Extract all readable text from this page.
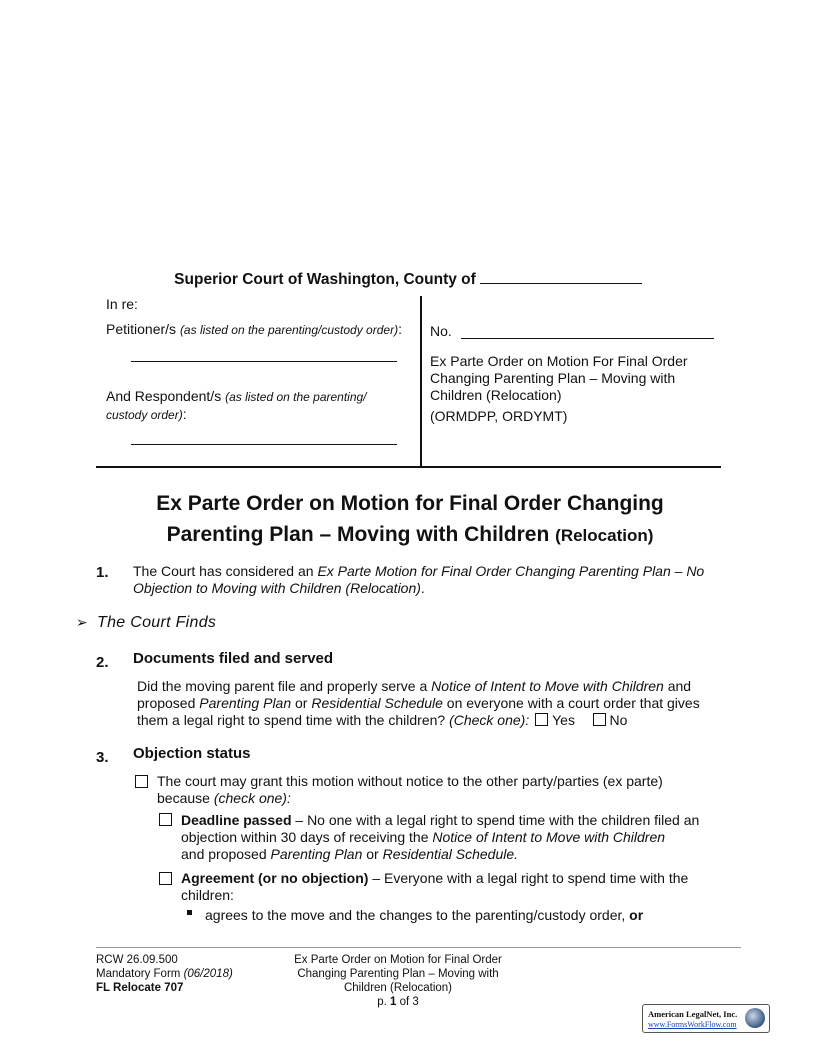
Superior Court of Washington, County of
In re:
Petitioner/s (as listed on the parenting/custody order):
And Respondent/s (as listed on the parenting/
custody order):
No.
Ex Parte Order on Motion For Final Order
Changing Parenting Plan – Moving with
Children (Relocation)
(ORMDPP, ORDYMT)
Ex Parte Order on Motion for Final Order Changing
Parenting Plan – Moving with Children (Relocation)
1. The Court has considered an Ex Parte Motion for Final Order Changing Parenting Plan – No Objection to Moving with Children (Relocation).
➢ The Court Finds
2. Documents filed and served
Did the moving parent file and properly serve a Notice of Intent to Move with Children and proposed Parenting Plan or Residential Schedule on everyone with a court order that gives them a legal right to spend time with the children? (Check one): Yes No
3. Objection status
The court may grant this motion without notice to the other party/parties (ex parte) because (check one):
Deadline passed – No one with a legal right to spend time with the children filed an objection within 30 days of receiving the Notice of Intent to Move with Children
and proposed Parenting Plan or Residential Schedule.
Agreement (or no objection) – Everyone with a legal right to spend time with the children:
agrees to the move and the changes to the parenting/custody order, or
RCW 26.09.500
Mandatory Form (06/2018)
FL Relocate 707
Ex Parte Order on Motion for Final Order
Changing Parenting Plan – Moving with
Children (Relocation)
p. 1 of 3
American LegalNet, Inc.
www.FormsWorkFlow.com
